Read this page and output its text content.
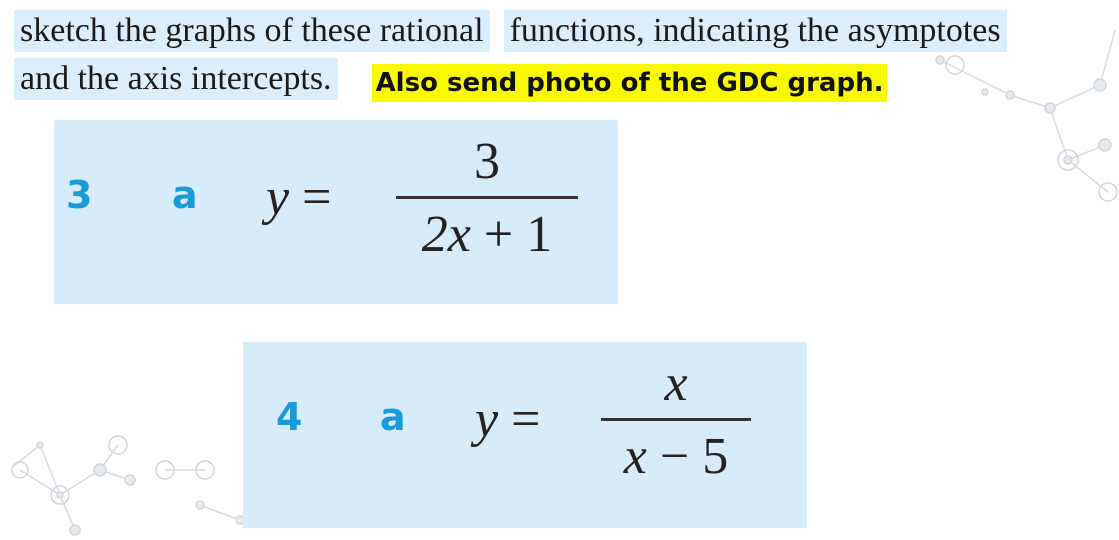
sketch the graphs of these rational functions, indicating the asymptotes
and the axis intercepts. Also send photo of the GDC graph.
3 a y =
3
2x + 1
4 a y =
x
x − 5
